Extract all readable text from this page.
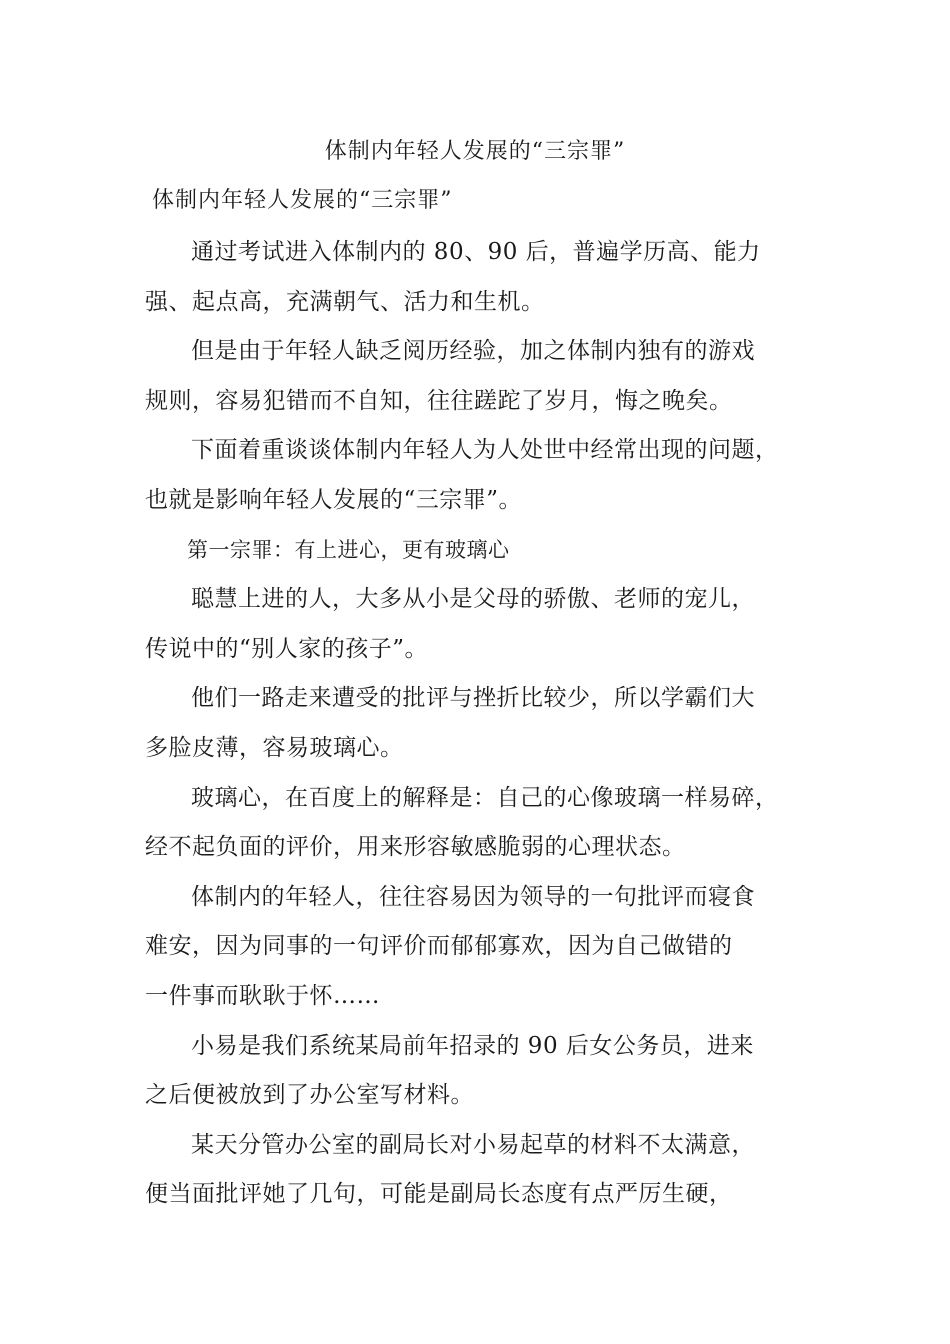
体制内年轻人发展的“三宗罪”
体制内年轻人发展的“三宗罪”

通过考试进入体制内的 80、90 后，普遍学历高、能力
强、起点高，充满朝气、活力和生机。

但是由于年轻人缺乏阅历经验，加之体制内独有的游戏
规则，容易犯错而不自知，往往蹉跎了岁月，悔之晚矣。

下面着重谈谈体制内年轻人为人处世中经常出现的问题，
也就是影响年轻人发展的“三宗罪”。

第一宗罪：有上进心，更有玻璃心

聪慧上进的人，大多从小是父母的骄傲、老师的宠儿，
传说中的“别人家的孩子”。

他们一路走来遭受的批评与挫折比较少，所以学霸们大
多脸皮薄，容易玻璃心。

玻璃心，在百度上的解释是：自己的心像玻璃一样易碎，
经不起负面的评价，用来形容敏感脆弱的心理状态。

体制内的年轻人，往往容易因为领导的一句批评而寝食
难安，因为同事的一句评价而郁郁寡欢，因为自己做错的
一件事而耿耿于怀……

小易是我们系统某局前年招录的 90 后女公务员，进来
之后便被放到了办公室写材料。

某天分管办公室的副局长对小易起草的材料不太满意，
便当面批评她了几句，可能是副局长态度有点严厉生硬，
